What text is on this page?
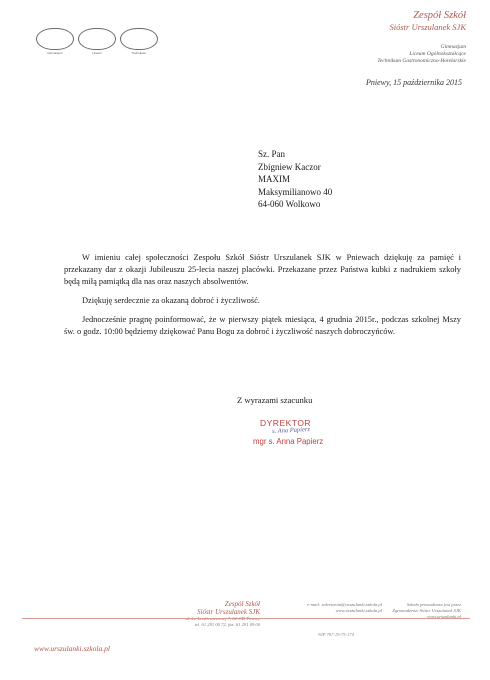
Gimnazjum	Liceum	Technikum
Zespół Szkół
Sióstr Urszulanek SJK
Gimnazjum
Liceum Ogólnokształcące
Technikum Gastronomiczno-Hotelarskie
Pniewy, 15 października 2015
Sz. Pan
Zbigniew Kaczor
MAXIM
Maksymilianowo 40
64-060 Wolkowo

W imieniu całej społeczności Zespołu Szkół Sióstr Urszulanek SJK w Pniewach dziękuję za pamięć i przekazany dar z okazji Jubileuszu 25-lecia naszej placówki. Przekazane przez Państwa kubki z nadrukiem szkoły będą miłą pamiątką dla nas oraz naszych absolwentów.

Dziękuję serdecznie za okazaną dobroć i życzliwość.

Jednocześnie pragnę poinformować, że w pierwszy piątek miesiąca, 4 grudnia 2015r., podczas szkolnej Mszy św. o godz. 10:00 będziemy dziękować Panu Bogu za dobroć i życzliwość naszych dobroczyńców.

Z wyrazami szacunku
DYREKTOR
s. Ana Papierz
mgr s. Anna Papierz
Zespół Szkół
Sióstr Urszulanek SJK
ul. ks. Lenkiewiczowej 7, 62-045 Pniewy
tel. 61 291 00 72, fax. 61 291 09 00
e-mail: sekretariat@urszulanki.szkola.pl
www.urszulanki.szkola.pl
Szkoła prowadzona jest przez
Zgromadzenie Sióstr Urszulanek SJK
www.urszulanki.pl
NIP 787-19-75-174
www.urszulanki.szkola.pl
